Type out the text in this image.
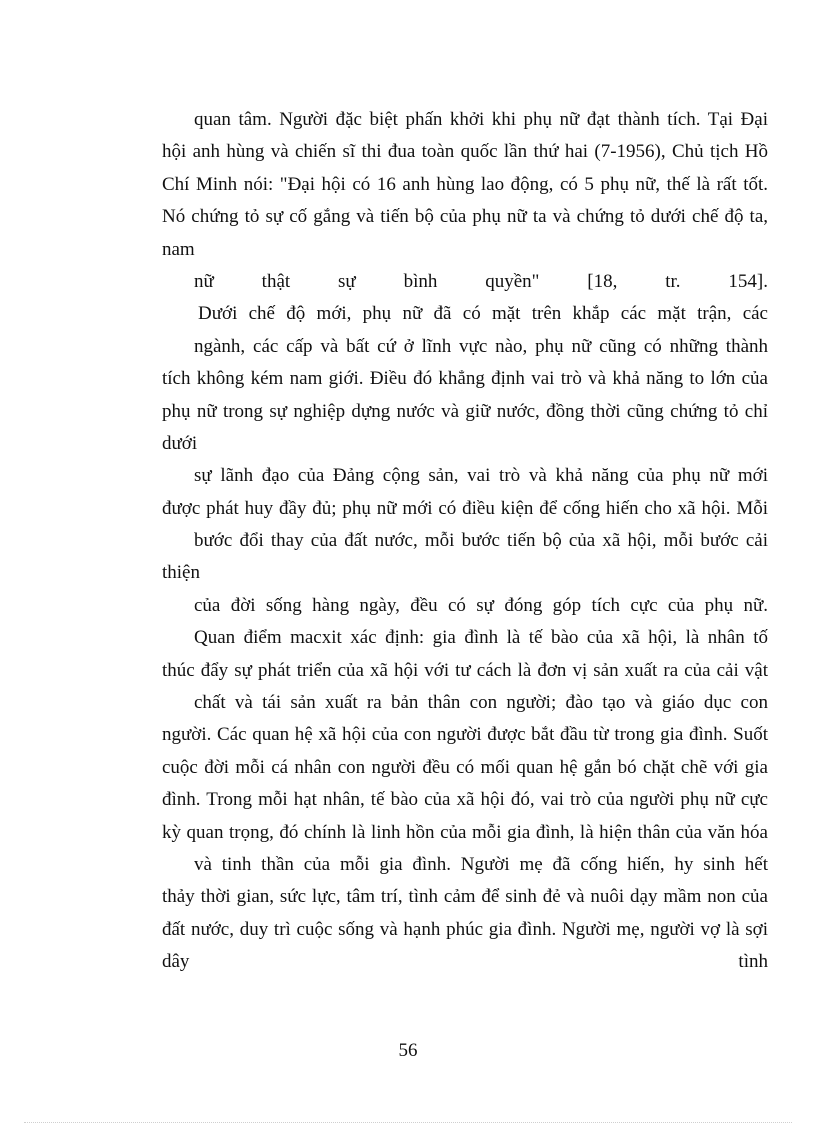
quan tâm. Người đặc biệt phấn khởi khi phụ nữ đạt thành tích. Tại Đại
hội anh hùng và chiến sĩ thi đua toàn quốc lần thứ hai (7-1956), Chủ tịch Hồ
Chí Minh nói: "Đại hội có 16 anh hùng lao động, có 5 phụ nữ, thế là rất tốt.
Nó chứng tỏ sự cố gắng và tiến bộ của phụ nữ ta và chứng tỏ dưới chế độ ta,
nam
nữ thật sự bình quyền" [18, tr. 154].
Dưới chế độ mới, phụ nữ đã có mặt trên khắp các mặt trận, các
ngành, các cấp và bất cứ ở lĩnh vực nào, phụ nữ cũng có những thành
tích không kém nam giới. Điều đó khẳng định vai trò và khả năng to lớn của
phụ nữ trong sự nghiệp dựng nước và giữ nước, đồng thời cũng chứng tỏ chỉ
dưới
sự lãnh đạo của Đảng cộng sản, vai trò và khả năng của phụ nữ mới
được phát huy đầy đủ; phụ nữ mới có điều kiện để cống hiến cho xã hội. Mỗi
bước đổi thay của đất nước, mỗi bước tiến bộ của xã hội, mỗi bước cải
thiện
của đời sống hàng ngày, đều có sự đóng góp tích cực của phụ nữ.
Quan điểm macxit xác định: gia đình là tế bào của xã hội, là nhân tố
thúc đẩy sự phát triển của xã hội với tư cách là đơn vị sản xuất ra của cải vật
chất và tái sản xuất ra bản thân con người; đào tạo và giáo dục con
người. Các quan hệ xã hội của con người được bắt đầu từ trong gia đình. Suốt
cuộc đời mỗi cá nhân con người đều có mối quan hệ gắn bó chặt chẽ với gia
đình. Trong mỗi hạt nhân, tế bào của xã hội đó, vai trò của người phụ nữ cực
kỳ quan trọng, đó chính là linh hồn của mỗi gia đình, là hiện thân của văn hóa
và tinh thần của mỗi gia đình. Người mẹ đã cống hiến, hy sinh hết
thảy thời gian, sức lực, tâm trí, tình cảm để sinh đẻ và nuôi dạy mầm non của
đất nước, duy trì cuộc sống và hạnh phúc gia đình. Người mẹ, người vợ là sợi
dây tình
56
